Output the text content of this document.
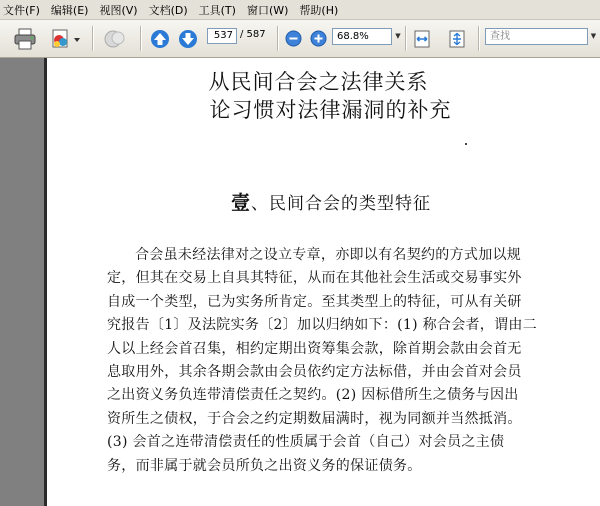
文件(F)	编辑(E)	视图(V)	文档(D)	工具(T)	窗口(W)	帮助(H)
537 / 587	68.8%	▼	查找	▼
从民间合会之法律关系
论习惯对法律漏洞的补充
壹、民间合会的类型特征
合会虽未经法律对之设立专章，亦即以有名契约的方式加以规
定，但其在交易上自具其特征，从而在其他社会生活或交易事实外
自成一个类型，已为实务所肯定。至其类型上的特征，可从有关研
究报告〔1〕及法院实务〔2〕加以归纳如下：(1) 称合会者，谓由二
人以上经会首召集，相约定期出资筹集会款，除首期会款由会首无
息取用外，其余各期会款由会员依约定方法标借，并由会首对会员
之出资义务负连带清偿责任之契约。(2) 因标借所生之债务与因出
资所生之债权，于合会之约定期数届满时，视为同额并当然抵消。
(3) 会首之连带清偿责任的性质属于会首（自己）对会员之主债
务，而非属于就会员所负之出资义务的保证债务。
